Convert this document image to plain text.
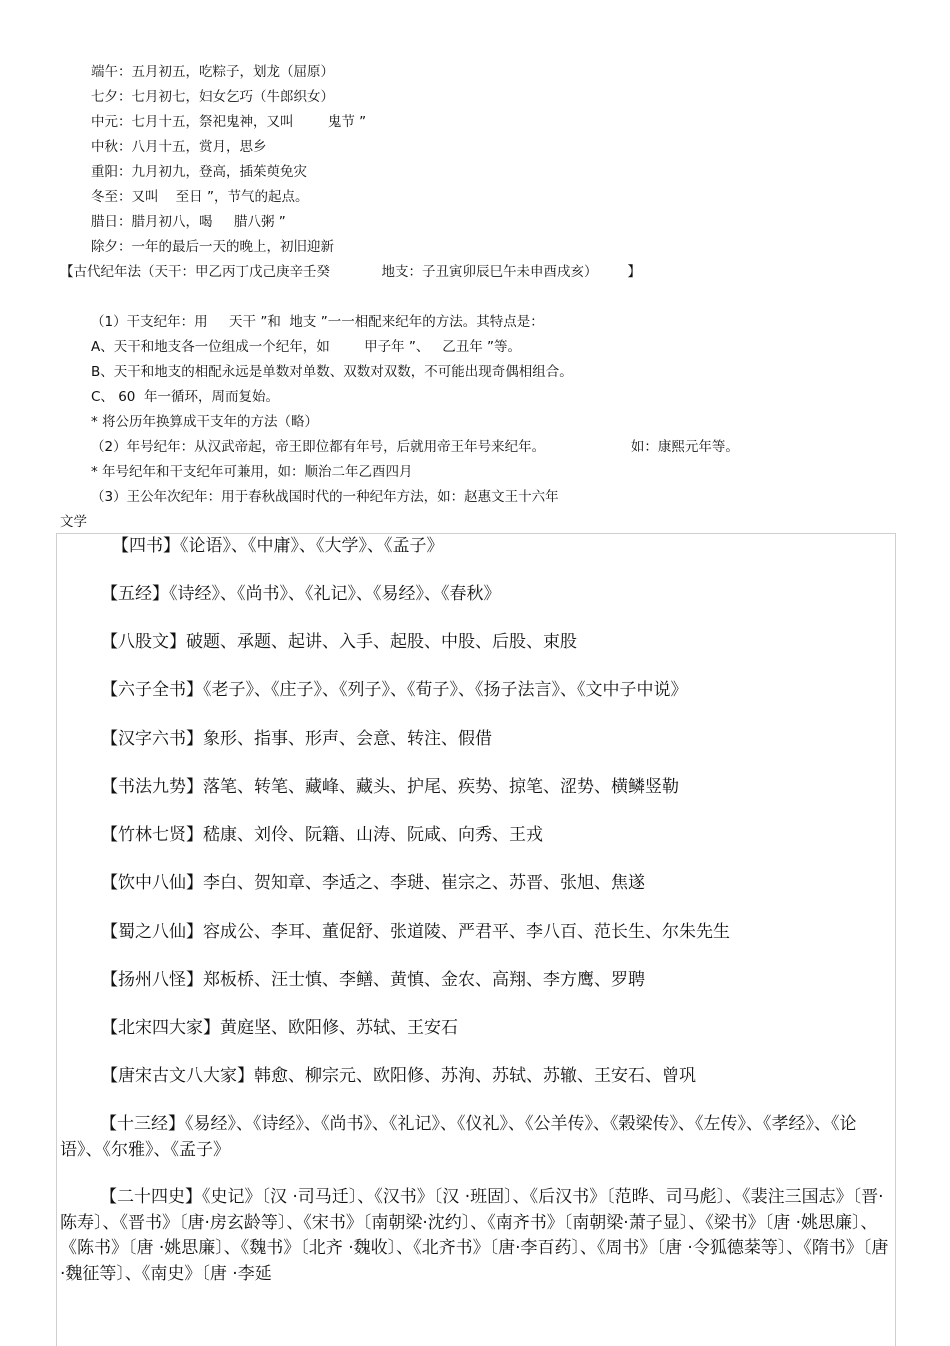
端午：五月初五，吃粽子，划龙（屈原）
七夕：七月初七，妇女乞巧（牛郎织女）
中元：七月十五，祭祀鬼神，又叫        鬼节 ”
中秋：八月十五，赏月，思乡
重阳：九月初九，登高，插茱萸免灾
冬至：又叫    至日 ”，节气的起点。
腊日：腊月初八，喝     腊八粥 ”
除夕：一年的最后一天的晚上，初旧迎新
【古代纪年法（天干：甲乙丙丁戊己庚辛壬癸            地支：子丑寅卯辰巳午未申酉戌亥）       】
（1）干支纪年：用     天干 ”和  地支 ”一一相配来纪年的方法。其特点是：
A、天干和地支各一位组成一个纪年，如        甲子年 ”、   乙丑年 ”等。
B、天干和地支的相配永远是单数对单数、双数对双数，不可能出现奇偶相组合。
C、 60  年一循环，周而复始。
* 将公历年换算成干支年的方法（略）
（2）年号纪年：从汉武帝起，帝王即位都有年号，后就用帝王年号来纪年。                    如：康熙元年等。
* 年号纪年和干支纪年可兼用，如：顺治二年乙酉四月
（3）王公年次纪年：用于春秋战国时代的一种纪年方法，如：赵惠文王十六年
文学
【四书】《论语》、《中庸》、《大学》、《孟子》
【五经】《诗经》、《尚书》、《礼记》、《易经》、《春秋》
【八股文】破题、承题、起讲、入手、起股、中股、后股、束股
【六子全书】《老子》、《庄子》、《列子》、《荀子》、《扬子法言》、《文中子中说》
【汉字六书】象形、指事、形声、会意、转注、假借
【书法九势】落笔、转笔、藏峰、藏头、护尾、疾势、掠笔、涩势、横鳞竖勒
【竹林七贤】嵇康、刘伶、阮籍、山涛、阮咸、向秀、王戎
【饮中八仙】李白、贺知章、李适之、李琎、崔宗之、苏晋、张旭、焦遂
【蜀之八仙】容成公、李耳、董促舒、张道陵、严君平、李八百、范长生、尔朱先生
【扬州八怪】郑板桥、汪士慎、李鳝、黄慎、金农、高翔、李方鹰、罗聘
【北宋四大家】黄庭坚、欧阳修、苏轼、王安石
【唐宋古文八大家】韩愈、柳宗元、欧阳修、苏洵、苏轼、苏辙、王安石、曾巩
【十三经】《易经》、《诗经》、《尚书》、《礼记》、《仪礼》、《公羊传》、《榖梁传》、《左传》、《孝经》、《论语》、《尔雅》、《孟子》
【二十四史】《史记》〔汉 ·司马迁〕、《汉书》〔汉 ·班固〕、《后汉书》〔范晔、司马彪〕、《裴注三国志》〔晋·陈寿〕、《晋书》〔唐·房玄龄等〕、《宋书》〔南朝梁·沈约〕、《南齐书》〔南朝梁·萧子显〕、《梁书》〔唐 ·姚思廉〕、《陈书》〔唐 ·姚思廉〕、《魏书》〔北齐 ·魏收〕、《北齐书》〔唐·李百药〕、《周书》〔唐 ·令狐德棻等〕、《隋书》〔唐 ·魏征等〕、《南史》〔唐 ·李延
